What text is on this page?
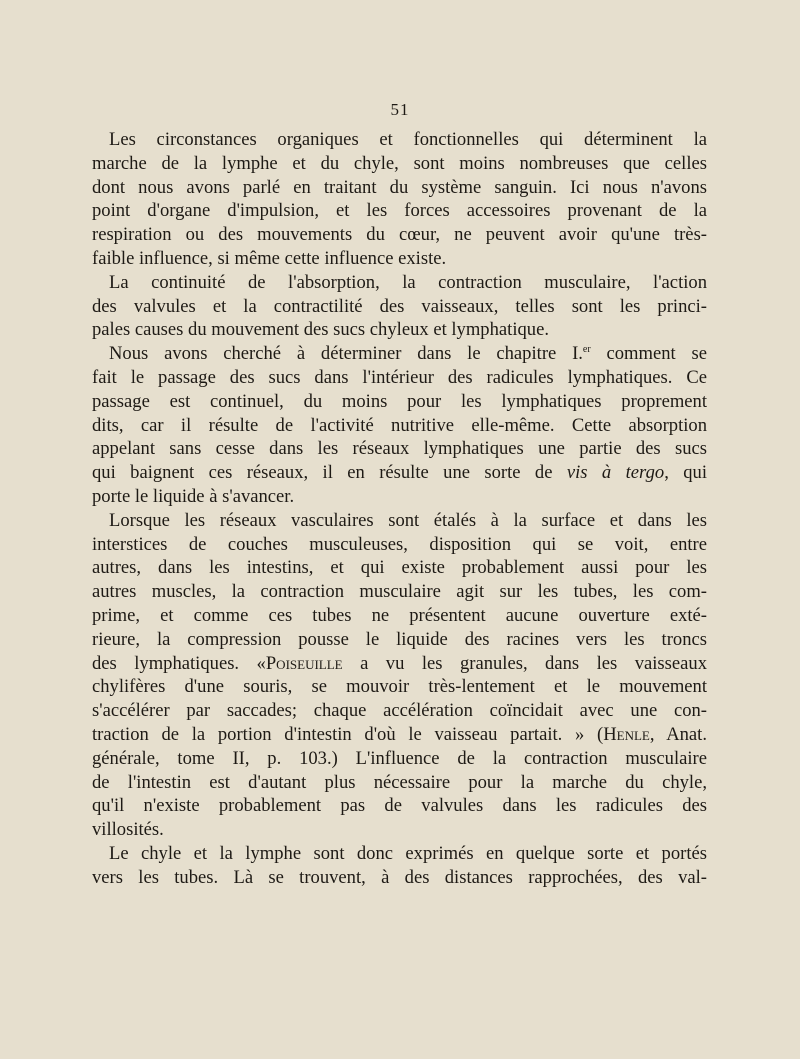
51
Les circonstances organiques et fonctionnelles qui déterminent la
marche de la lymphe et du chyle, sont moins nombreuses que celles
dont nous avons parlé en traitant du système sanguin. Ici nous n'avons
point d'organe d'impulsion, et les forces accessoires provenant de la
respiration ou des mouvements du cœur, ne peuvent avoir qu'une très-
faible influence, si même cette influence existe.
La continuité de l'absorption, la contraction musculaire, l'action
des valvules et la contractilité des vaisseaux, telles sont les princi-
pales causes du mouvement des sucs chyleux et lymphatique.
Nous avons cherché à déterminer dans le chapitre I.$^{er}$ comment se
fait le passage des sucs dans l'intérieur des radicules lymphatiques. Ce
passage est continuel, du moins pour les lymphatiques proprement
dits, car il résulte de l'activité nutritive elle-même. Cette absorption
appelant sans cesse dans les réseaux lymphatiques une partie des sucs
qui baignent ces réseaux, il en résulte une sorte de vis à tergo, qui
porte le liquide à s'avancer.
Lorsque les réseaux vasculaires sont étalés à la surface et dans les
interstices de couches musculeuses, disposition qui se voit, entre
autres, dans les intestins, et qui existe probablement aussi pour les
autres muscles, la contraction musculaire agit sur les tubes, les com-
prime, et comme ces tubes ne présentent aucune ouverture exté-
rieure, la compression pousse le liquide des racines vers les troncs
des lymphatiques. «Poiseuille a vu les granules, dans les vaisseaux
chylifères d'une souris, se mouvoir très-lentement et le mouvement
s'accélérer par saccades; chaque accélération coïncidait avec une con-
traction de la portion d'intestin d'où le vaisseau partait. » (Henle, Anat.
générale, tome II, p. 103.) L'influence de la contraction musculaire
de l'intestin est d'autant plus nécessaire pour la marche du chyle,
qu'il n'existe probablement pas de valvules dans les radicules des
villosités.
Le chyle et la lymphe sont donc exprimés en quelque sorte et portés
vers les tubes. Là se trouvent, à des distances rapprochées, des val-
